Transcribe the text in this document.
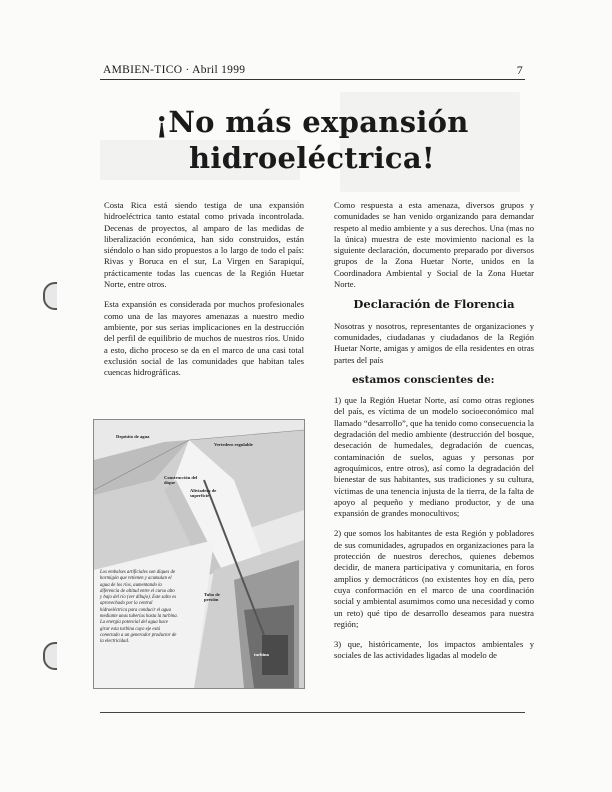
AMBIEN-TICO · Abril 1999	7
¡No más expansión
hidroeléctrica!

Costa Rica está siendo testiga de una expansión hidroeléctrica tanto estatal como privada incontrolada. Decenas de proyectos, al amparo de las medidas de liberalización económica, han sido construidos, están siéndolo o han sido propuestos a lo largo de todo el país: Rivas y Boruca en el sur, La Virgen en Sarapiquí, prácticamente todas las cuencas de la Región Huetar Norte, entre otros.

Esta expansión es considerada por muchos profesionales como una de las mayores amenazas a nuestro medio ambiente, por sus serias implicaciones en la destrucción del perfil de equilibrio de muchos de nuestros ríos. Unido a esto, dicho proceso se da en el marco de una casi total exclusión social de las comunidades que habitan tales cuencas hidrográficas.

Depósito de agua
Vertedero regulable
Construcción del dique
Aliviadero de superficie
Tubo de presión
turbina
Los embalses artificiales son diques de hormigón que retienen y acumulan el agua de los ríos, aumentando la diferencia de altitud entre el curso alto y bajo del río (ver dibujo). Este salto es aprovechado por la central hidroeléctrica para conducir el agua mediante unas tuberías hasta la turbina. La energía potencial del agua hace girar esta turbina cuyo eje está conectado a un generador productor de la electricidad.

Como respuesta a esta amenaza, diversos grupos y comunidades se han venido organizando para demandar respeto al medio ambiente y a sus derechos. Una (mas no la única) muestra de este movimiento nacional es la siguiente declaración, documento preparado por diversos grupos de la Zona Huetar Norte, unidos en la Coordinadora Ambiental y Social de la Zona Huetar Norte.

Declaración de Florencia

Nosotras y nosotros, representantes de organizaciones y comunidades, ciudadanas y ciudadanos de la Región Huetar Norte, amigas y amigos de ella residentes en otras partes del país

estamos conscientes de:

1) que la Región Huetar Norte, así como otras regiones del país, es víctima de un modelo socioeconómico mal llamado “desarrollo”, que ha tenido como consecuencia la degradación del medio ambiente (destrucción del bosque, desecación de humedales, degradación de cuencas, contaminación de suelos, aguas y personas por agroquímicos, entre otros), así como la degradación del bienestar de sus habitantes, sus tradiciones y su cultura, víctimas de una tenencia injusta de la tierra, de la falta de apoyo al pequeño y mediano productor, y de una expansión de grandes monocultivos;

2) que somos los habitantes de esta Región y pobladores de sus comunidades, agrupados en organizaciones para la protección de nuestros derechos, quienes debemos decidir, de manera participativa y comunitaria, en foros amplios y democráticos (no existentes hoy en día, pero cuya conformación en el marco de una coordinación social y ambiental asumimos como una necesidad y como un reto) qué tipo de desarrollo deseamos para nuestra región;

3) que, históricamente, los impactos ambientales y sociales de las actividades ligadas al modelo de
